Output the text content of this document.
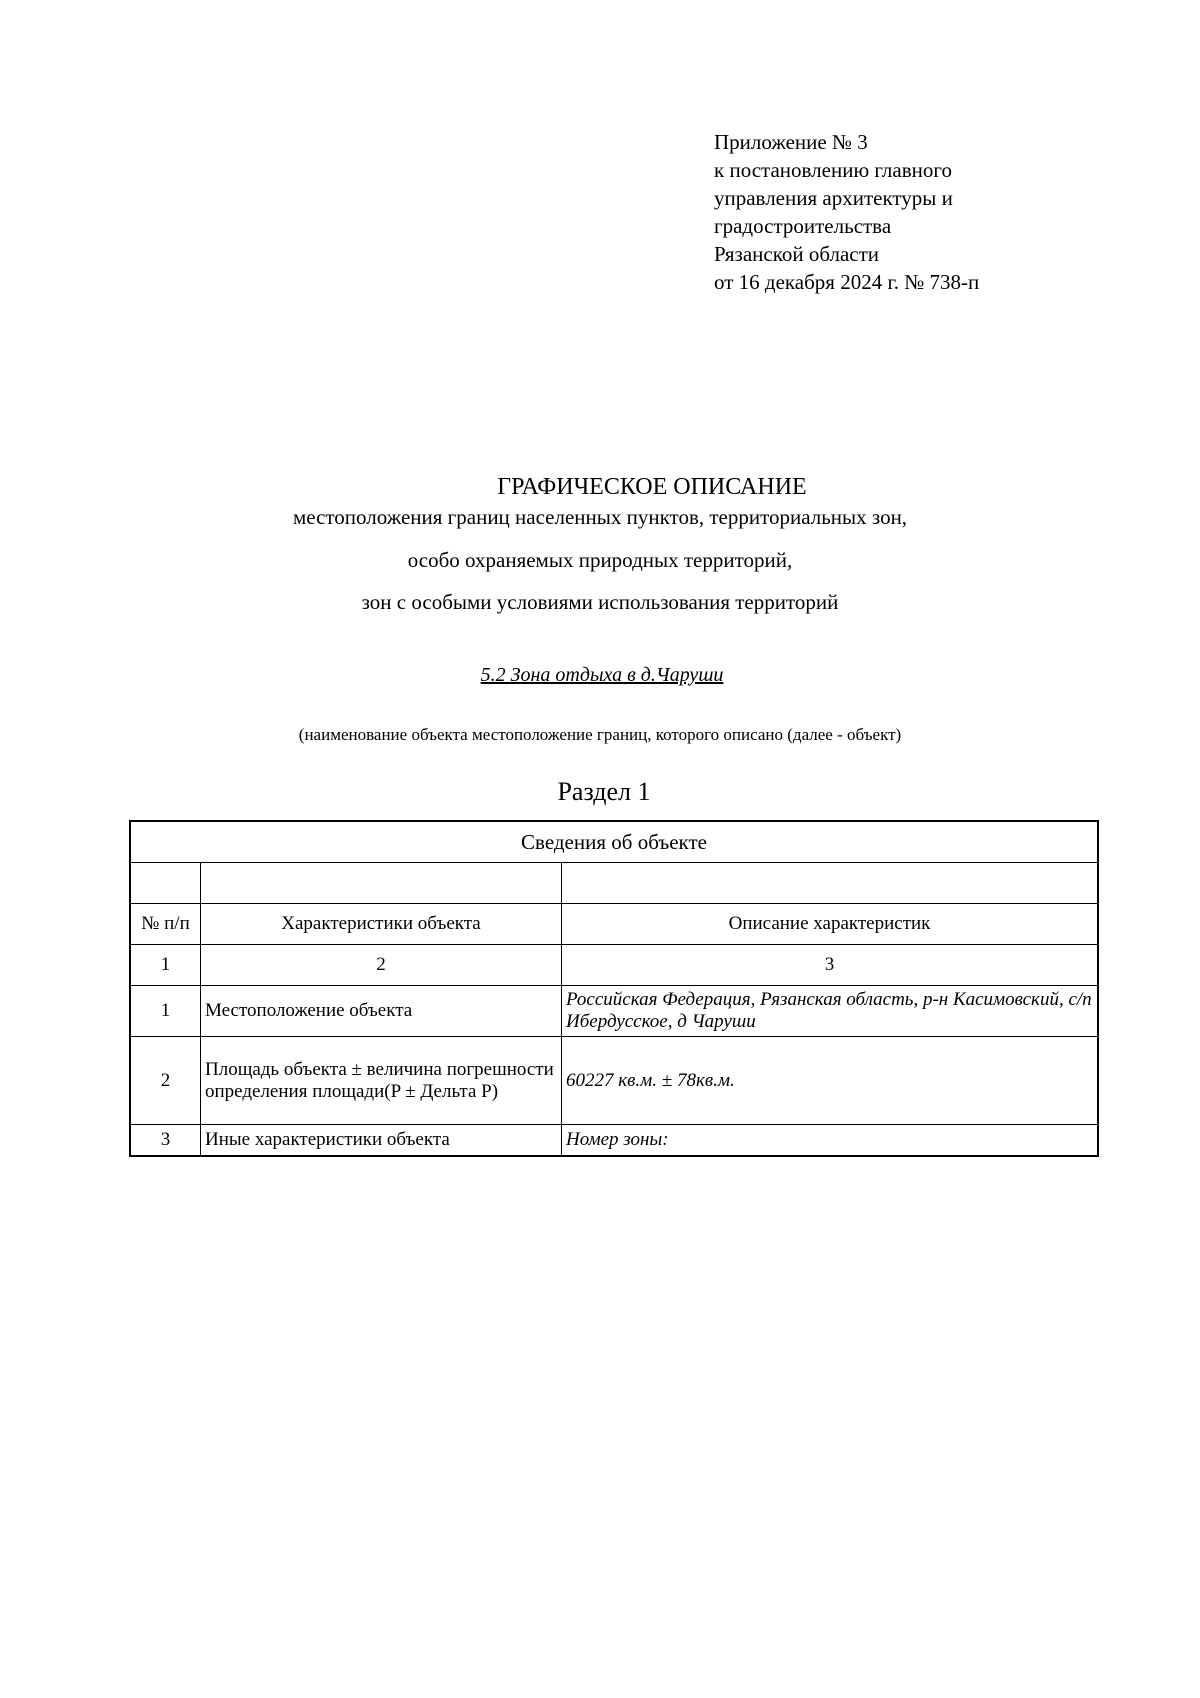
Приложение № 3
к постановлению главного
управления архитектуры и
градостроительства
Рязанской области
от 16 декабря 2024 г. № 738-п
ГРАФИЧЕСКОЕ ОПИСАНИЕ
местоположения границ населенных пунктов, территориальных зон,
особо охраняемых природных территорий,
зон с особыми условиями использования территорий
5.2 Зона отдыха в д.Чаруши
(наименование объекта местоположение границ, которого описано (далее - объект)
Раздел 1
Сведения об объекте		

№ п/п	Характеристики объекта	Описание характеристик
1	2	3
1	Местоположение объекта	Российская Федерация, Рязанская область, р-н Касимовский, с/п Ибердусское, д Чаруши
2	Площадь объекта ± величина погрешности определения площади(P ± Дельта P)	60227 кв.м. ± 78кв.м.
3	Иные характеристики объекта	Номер зоны:
